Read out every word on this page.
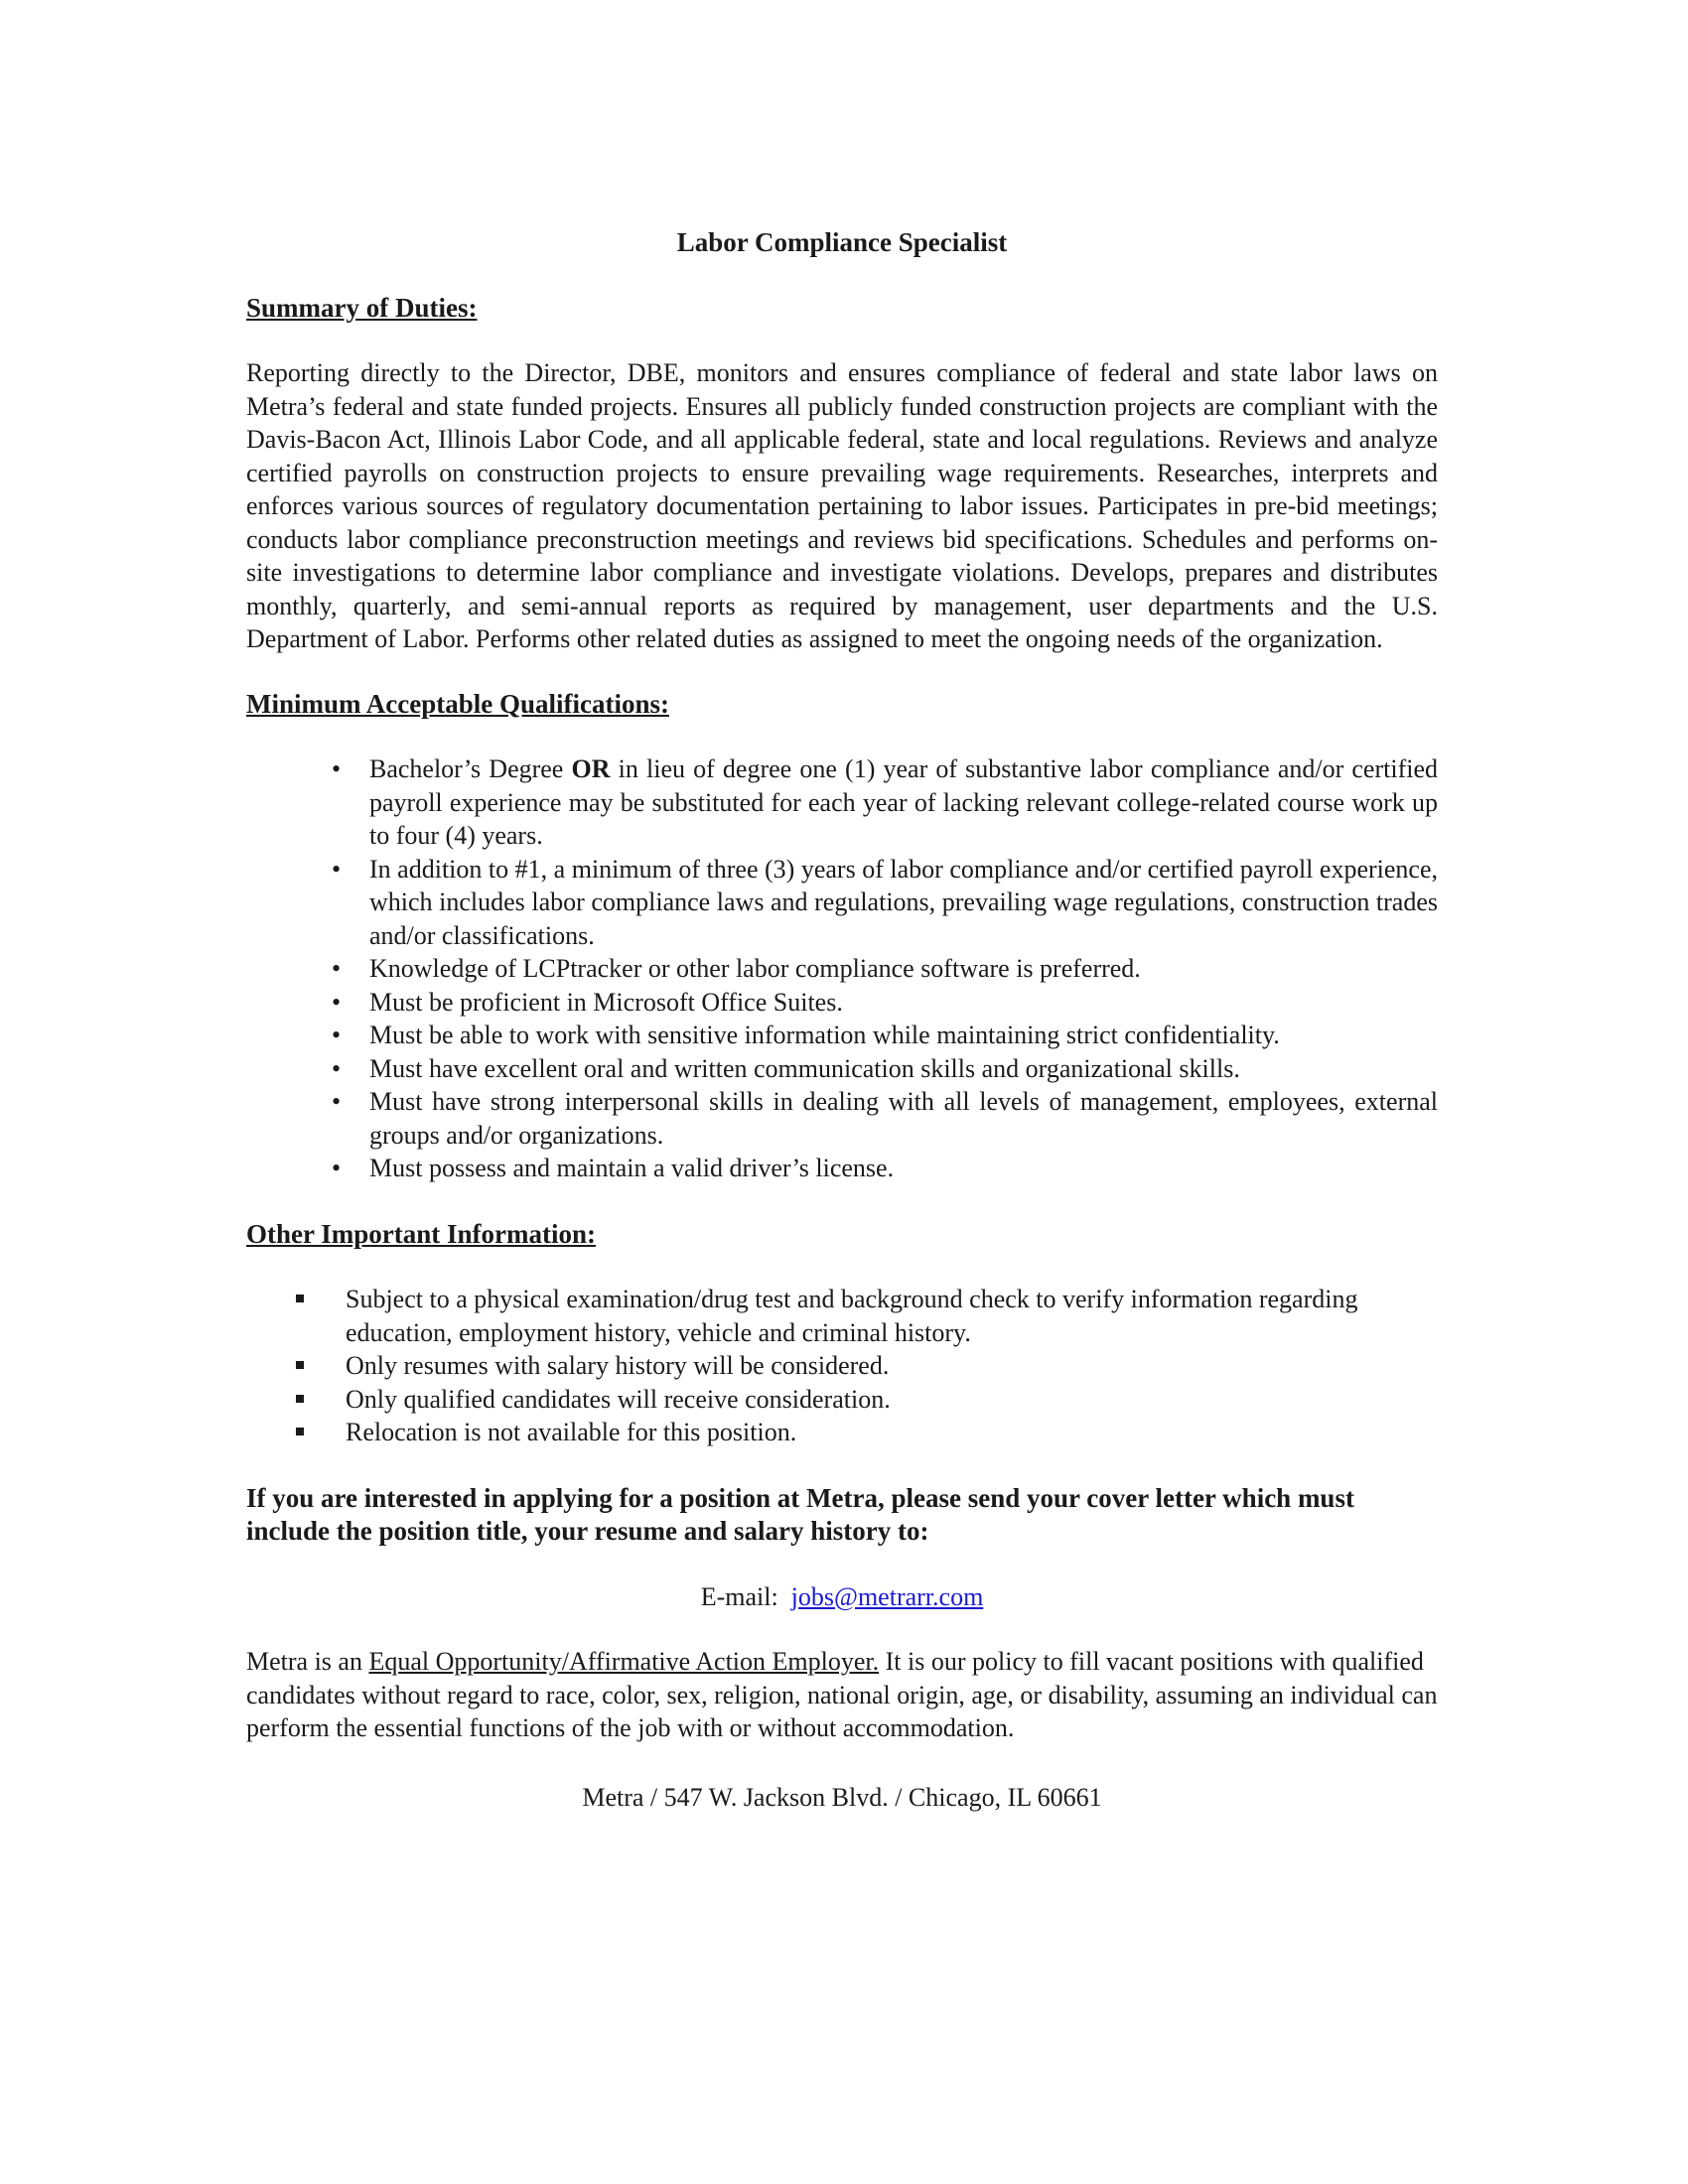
Labor Compliance Specialist
Summary of Duties:
Reporting directly to the Director, DBE, monitors and ensures compliance of federal and state labor laws on Metra’s federal and state funded projects. Ensures all publicly funded construction projects are compliant with the Davis-Bacon Act, Illinois Labor Code, and all applicable federal, state and local regulations. Reviews and analyze certified payrolls on construction projects to ensure prevailing wage requirements. Researches, interprets and enforces various sources of regulatory documentation pertaining to labor issues. Participates in pre-bid meetings; conducts labor compliance preconstruction meetings and reviews bid specifications. Schedules and performs on-site investigations to determine labor compliance and investigate violations. Develops, prepares and distributes monthly, quarterly, and semi-annual reports as required by management, user departments and the U.S. Department of Labor. Performs other related duties as assigned to meet the ongoing needs of the organization.
Minimum Acceptable Qualifications:
• Bachelor’s Degree OR in lieu of degree one (1) year of substantive labor compliance and/or certified payroll experience may be substituted for each year of lacking relevant college-related course work up to four (4) years.
• In addition to #1, a minimum of three (3) years of labor compliance and/or certified payroll experience, which includes labor compliance laws and regulations, prevailing wage regulations, construction trades and/or classifications.
• Knowledge of LCPtracker or other labor compliance software is preferred.
• Must be proficient in Microsoft Office Suites.
• Must be able to work with sensitive information while maintaining strict confidentiality.
• Must have excellent oral and written communication skills and organizational skills.
• Must have strong interpersonal skills in dealing with all levels of management, employees, external groups and/or organizations.
• Must possess and maintain a valid driver’s license.
Other Important Information:
Subject to a physical examination/drug test and background check to verify information regarding education, employment history, vehicle and criminal history.
Only resumes with salary history will be considered.
Only qualified candidates will receive consideration.
Relocation is not available for this position.
If you are interested in applying for a position at Metra, please send your cover letter which must include the position title, your resume and salary history to:
E-mail: jobs@metrarr.com
Metra is an Equal Opportunity/Affirmative Action Employer. It is our policy to fill vacant positions with qualified candidates without regard to race, color, sex, religion, national origin, age, or disability, assuming an individual can perform the essential functions of the job with or without accommodation.
Metra / 547 W. Jackson Blvd. / Chicago, IL 60661
